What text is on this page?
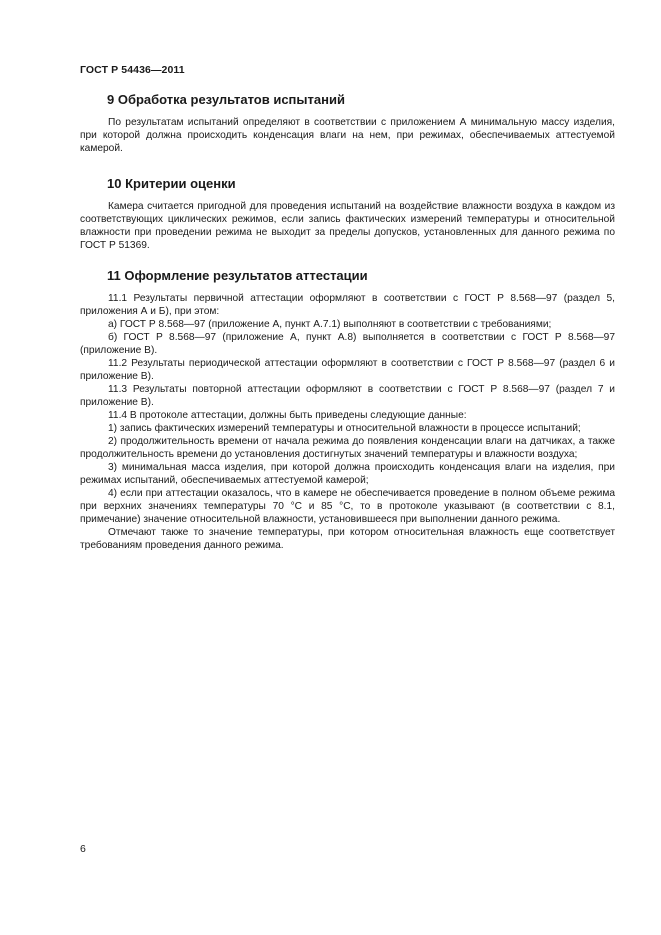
ГОСТ Р 54436—2011
9 Обработка результатов испытаний

По результатам испытаний определяют в соответствии с приложением А минимальную массу изделия, при которой должна происходить конденсация влаги на нем, при режимах, обеспечиваемых аттестуемой камерой.

10 Критерии оценки

Камера считается пригодной для проведения испытаний на воздействие влажности воздуха в каждом из соответствующих циклических режимов, если запись фактических измерений температуры и относительной влажности при проведении режима не выходит за пределы допусков, установленных для данного режима по ГОСТ Р 51369.

11 Оформление результатов аттестации

11.1 Результаты первичной аттестации оформляют в соответствии с ГОСТ Р 8.568—97 (раздел 5, приложения А и Б), при этом:

а) ГОСТ Р 8.568—97 (приложение А, пункт А.7.1) выполняют в соответствии с требованиями;

б) ГОСТ Р 8.568—97 (приложение А, пункт А.8) выполняется в соответствии с ГОСТ Р 8.568—97 (приложение В).

11.2 Результаты периодической аттестации оформляют в соответствии с ГОСТ Р 8.568—97 (раздел 6 и приложение В).

11.3 Результаты повторной аттестации оформляют в соответствии с ГОСТ Р 8.568—97 (раздел 7 и приложение В).

11.4 В протоколе аттестации, должны быть приведены следующие данные:

1) запись фактических измерений температуры и относительной влажности в процессе испытаний;

2) продолжительность времени от начала режима до появления конденсации влаги на датчиках, а также продолжительность времени до установления достигнутых значений температуры и влажности воздуха;

3) минимальная масса изделия, при которой должна происходить конденсация влаги на изделия, при режимах испытаний, обеспечиваемых аттестуемой камерой;

4) если при аттестации оказалось, что в камере не обеспечивается проведение в полном объеме режима при верхних значениях температуры 70 °С и 85 °С, то в протоколе указывают (в соответствии с 8.1, примечание) значение относительной влажности, установившееся при выполнении данного режима.

Отмечают также то значение температуры, при котором относительная влажность еще соответствует требованиям проведения данного режима.

6
